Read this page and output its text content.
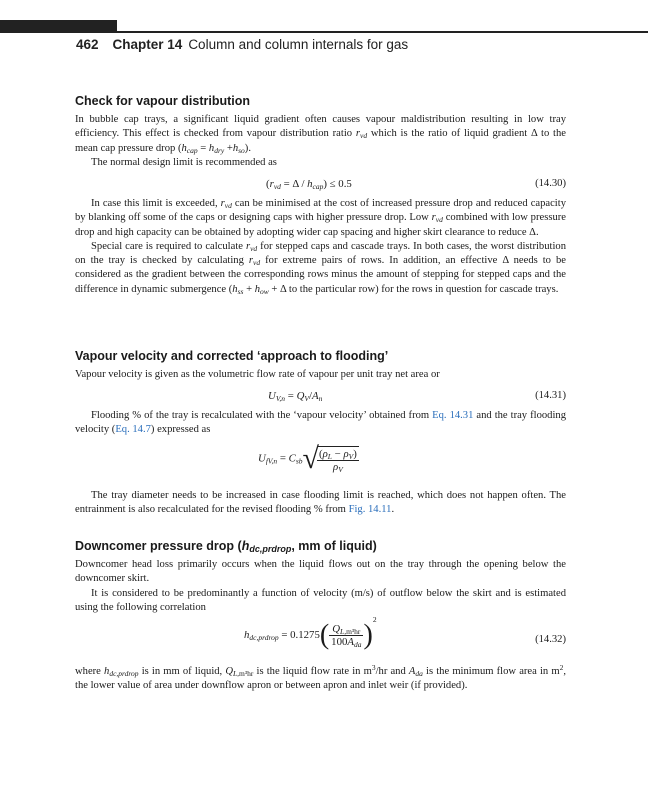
462 Chapter 14 Column and column internals for gas
Check for vapour distribution

In bubble cap trays, a significant liquid gradient often causes vapour maldistribution resulting in low tray efficiency. This effect is checked from vapour distribution ratio $r_{vd}$ which is the ratio of liquid gradient Δ to the mean cap pressure drop $(h_{cap} = h_{dry} +h_{so})$.

The normal design limit is recommended as

$(r_{vd} = \Delta / h_{cap}) \le 0.5$	(14.30)

In case this limit is exceeded, $r_{vd}$ can be minimised at the cost of increased pressure drop and reduced capacity by blanking off some of the caps or designing caps with higher pressure drop. Low $r_{vd}$ combined with low pressure drop and high capacity can be obtained by adopting wider cap spacing and higher skirt clearance to reduce Δ.

Special care is required to calculate $r_{vd}$ for stepped caps and cascade trays. In both cases, the worst distribution on the tray is checked by calculating $r_{vd}$ for extreme pairs of rows. In addition, an effective Δ needs to be considered as the gradient between the corresponding rows minus the amount of stepping for stepped caps and the difference in dynamic submergence ($h_{ss} + h_{ow} + \Delta$ to the particular row) for the rows in question for cascade trays.

Vapour velocity and corrected ‘approach to flooding’

Vapour velocity is given as the volumetric flow rate of vapour per unit tray net area or

$U_{V,n} = Q_V/A_n$	(14.31)

Flooding % of the tray is recalculated with the ‘vapour velocity’ obtained from Eq. 14.31 and the tray flooding velocity (Eq. 14.7) expressed as

$U_{fV,n} = C_{sb}√$
$\frac{(\rho_L - \rho_V)}{\rho_V}$

The tray diameter needs to be increased in case flooding limit is reached, which does not happen often. The entrainment is also recalculated for the revised flooding % from Fig. 14.11.

Downcomer pressure drop ($h_{dc,prdrop}$, mm of liquid)

Downcomer head loss primarily occurs when the liquid flows out on the tray through the opening below the downcomer skirt.

It is considered to be predominantly a function of velocity (m/s) of outflow below the skirt and is estimated using the following correlation

$h_{dc,prdrop} = 0.1275( \frac{Q_{L,m^3hr}}{100A_{da}} )^2$
(14.32)

where $h_{dc,prdrop}$ is in mm of liquid, $Q_{L,m^3hr}$ is the liquid flow rate in $m^3/hr$ and $A_{da}$ is the minimum flow area in $m^2$, the lower value of area under downflow apron or between apron and inlet weir (if provided).
